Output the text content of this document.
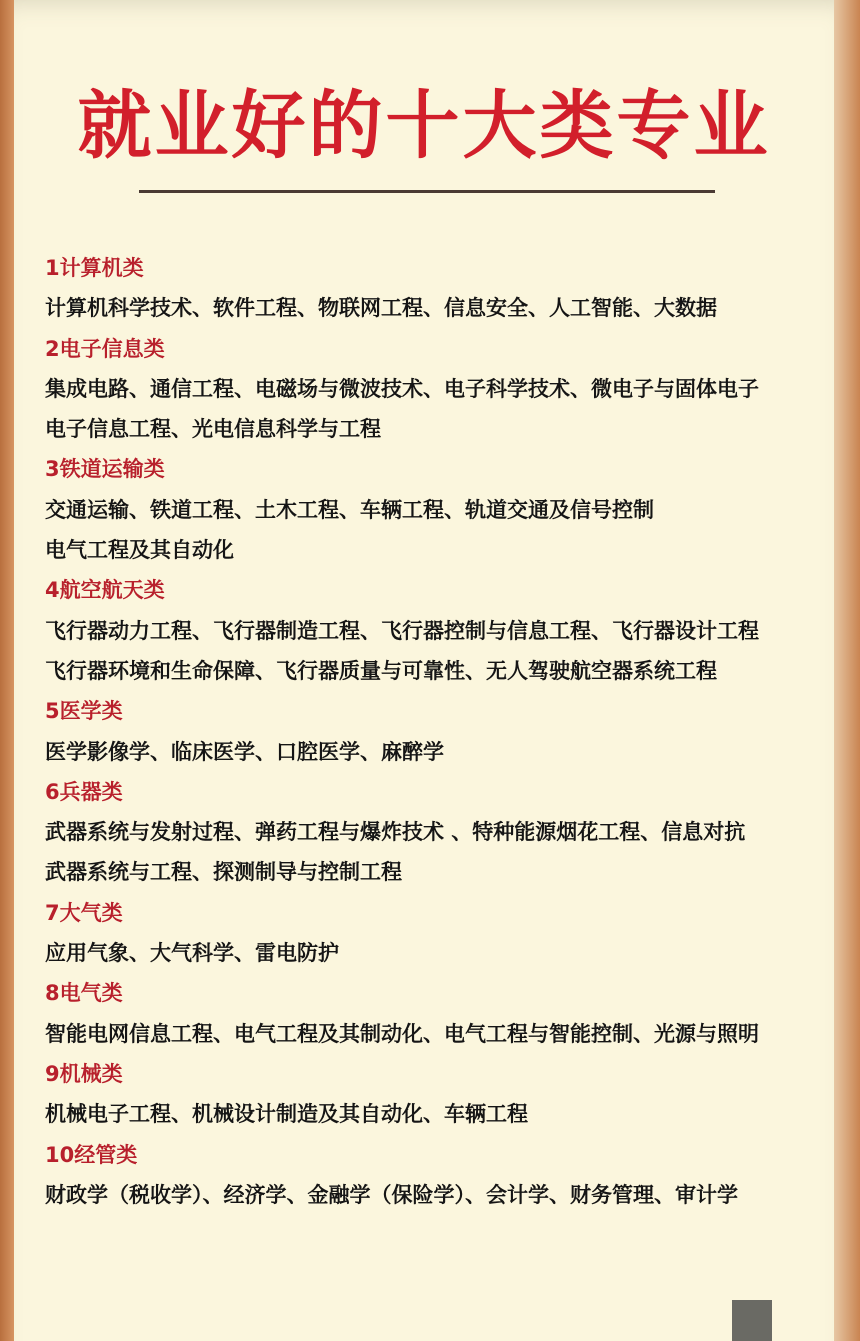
就业好的十大类专业
1计算机类
计算机科学技术、软件工程、物联网工程、信息安全、人工智能、大数据
2电子信息类
集成电路、通信工程、电磁场与微波技术、电子科学技术、微电子与固体电子
电子信息工程、光电信息科学与工程
3铁道运输类
交通运输、铁道工程、土木工程、车辆工程、轨道交通及信号控制
电气工程及其自动化
4航空航天类
飞行器动力工程、飞行器制造工程、飞行器控制与信息工程、飞行器设计工程
飞行器环境和生命保障、飞行器质量与可靠性、无人驾驶航空器系统工程
5医学类
医学影像学、临床医学、口腔医学、麻醉学
6兵器类
武器系统与发射过程、弹药工程与爆炸技术 、特种能源烟花工程、信息对抗
武器系统与工程、探测制导与控制工程
7大气类
应用气象、大气科学、雷电防护
8电气类
智能电网信息工程、电气工程及其制动化、电气工程与智能控制、光源与照明
9机械类
机械电子工程、机械设计制造及其自动化、车辆工程
10经管类
财政学（税收学）、经济学、金融学（保险学）、会计学、财务管理、审计学
